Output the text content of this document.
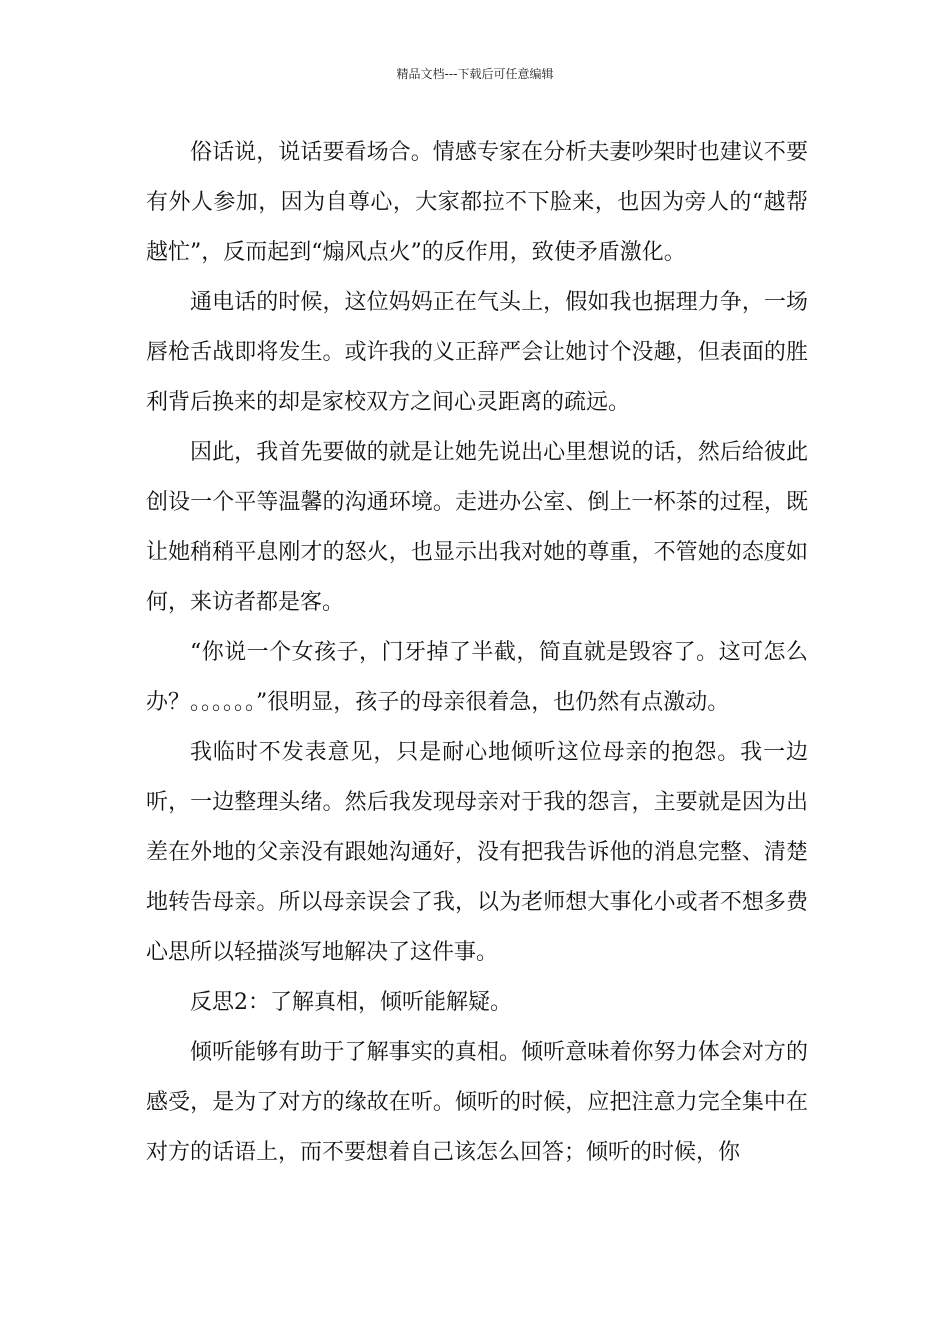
精品文档---下载后可任意编辑

俗话说，说话要看场合。情感专家在分析夫妻吵架时也建议不要有外人参加，因为自尊心，大家都拉不下脸来，也因为旁人的“越帮越忙”，反而起到“煽风点火”的反作用，致使矛盾激化。

通电话的时候，这位妈妈正在气头上，假如我也据理力争，一场唇枪舌战即将发生。或许我的义正辞严会让她讨个没趣，但表面的胜利背后换来的却是家校双方之间心灵距离的疏远。

因此，我首先要做的就是让她先说出心里想说的话，然后给彼此创设一个平等温馨的沟通环境。走进办公室、倒上一杯茶的过程，既让她稍稍平息刚才的怒火，也显示出我对她的尊重，不管她的态度如何，来访者都是客。

“你说一个女孩子，门牙掉了半截，简直就是毁容了。这可怎么办？。。。。。。”很明显，孩子的母亲很着急，也仍然有点激动。

我临时不发表意见，只是耐心地倾听这位母亲的抱怨。我一边听，一边整理头绪。然后我发现母亲对于我的怨言，主要就是因为出差在外地的父亲没有跟她沟通好，没有把我告诉他的消息完整、清楚地转告母亲。所以母亲误会了我，以为老师想大事化小或者不想多费心思所以轻描淡写地解决了这件事。

反思2：了解真相，倾听能解疑。

倾听能够有助于了解事实的真相。倾听意味着你努力体会对方的感受，是为了对方的缘故在听。倾听的时候，应把注意力完全集中在对方的话语上，而不要想着自己该怎么回答；倾听的时候，你
